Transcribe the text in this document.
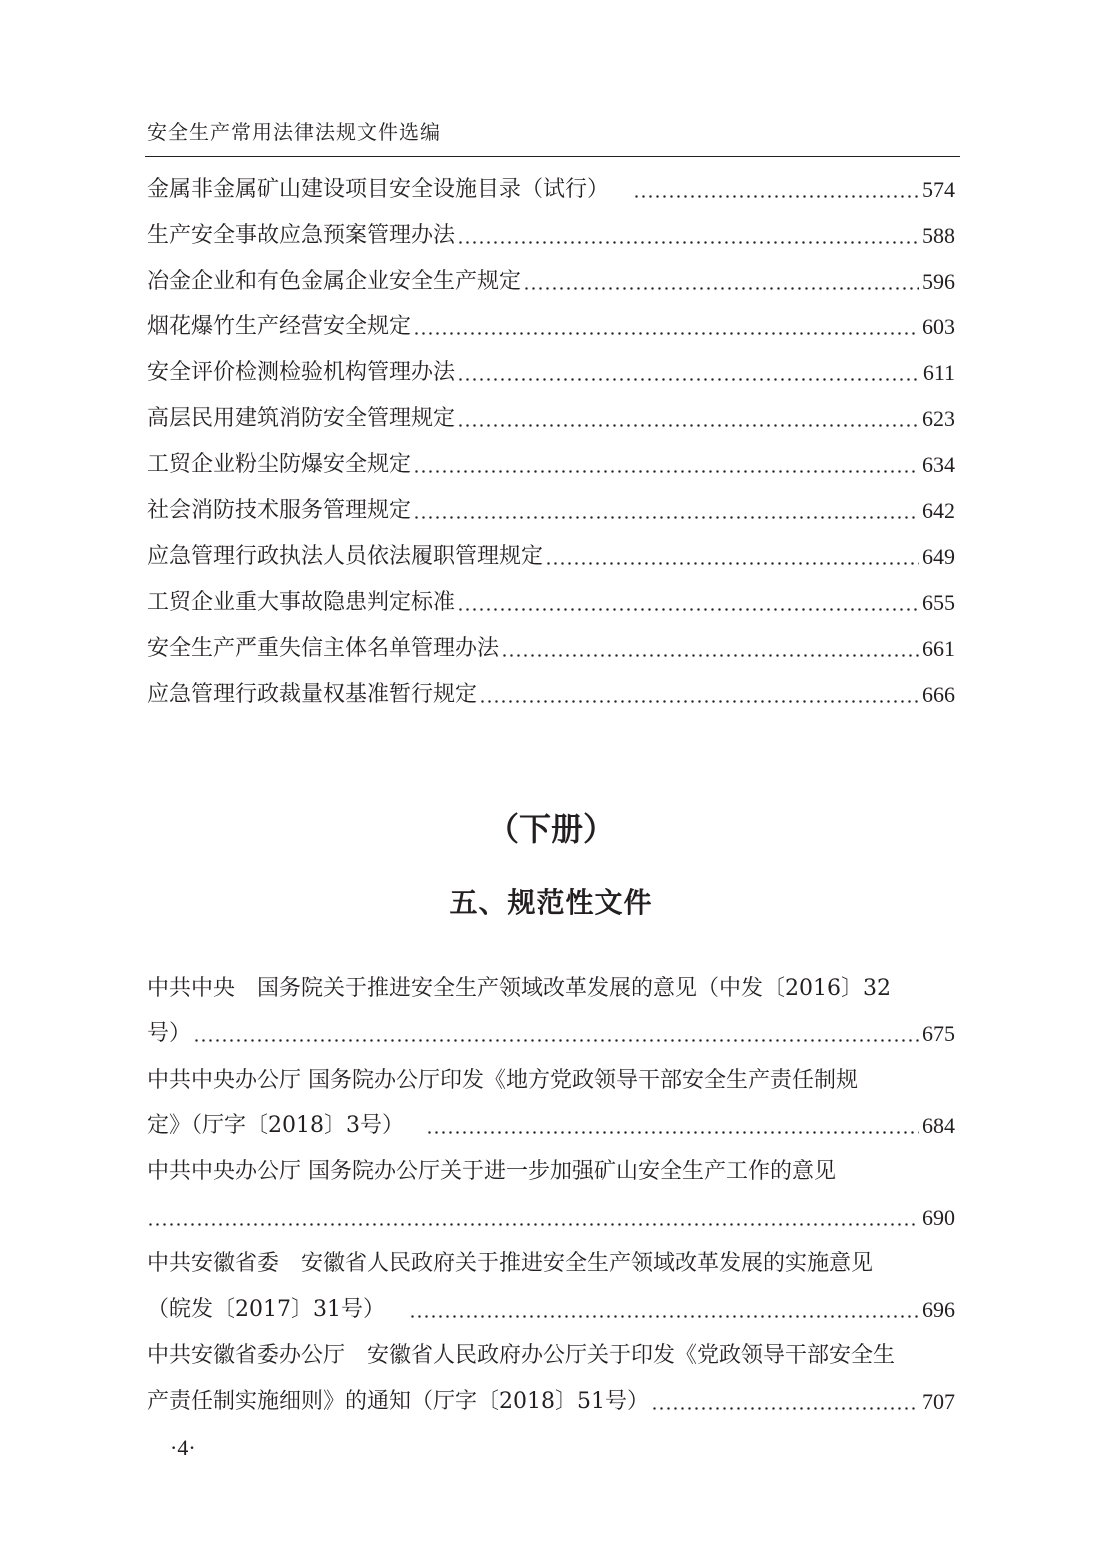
安全生产常用法律法规文件选编
金属非金属矿山建设项目安全设施目录（试行）	574
生产安全事故应急预案管理办法	588
冶金企业和有色金属企业安全生产规定	596
烟花爆竹生产经营安全规定	603
安全评价检测检验机构管理办法	611
高层民用建筑消防安全管理规定	623
工贸企业粉尘防爆安全规定	634
社会消防技术服务管理规定	642
应急管理行政执法人员依法履职管理规定	649
工贸企业重大事故隐患判定标准	655
安全生产严重失信主体名单管理办法	661
应急管理行政裁量权基准暂行规定	666
（下册）
五、规范性文件
中共中央　国务院关于推进安全生产领域改革发展的意见（中发〔2016〕32
号）	675
中共中央办公厅 国务院办公厅印发《地方党政领导干部安全生产责任制规
定》（厅字〔2018〕3号）	684
中共中央办公厅 国务院办公厅关于进一步加强矿山安全生产工作的意见
690
中共安徽省委　安徽省人民政府关于推进安全生产领域改革发展的实施意见
（皖发〔2017〕31号）	696
中共安徽省委办公厅　安徽省人民政府办公厅关于印发《党政领导干部安全生
产责任制实施细则》的通知（厅字〔2018〕51号）	707
·4·
